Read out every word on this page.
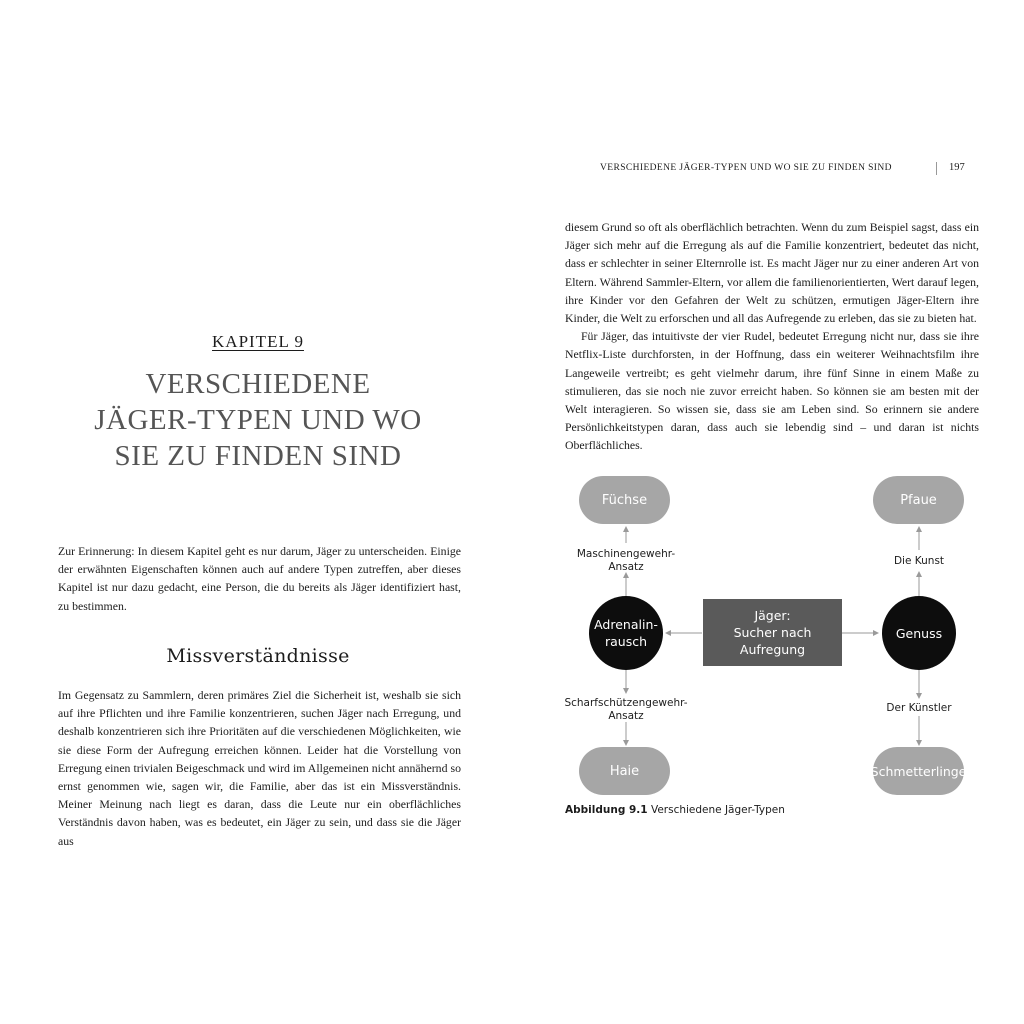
KAPITEL 9
VERSCHIEDENE
JÄGER-TYPEN UND WO
SIE ZU FINDEN SIND

Zur Erinnerung: In diesem Kapitel geht es nur darum, Jäger zu unterscheiden. Einige der erwähnten Eigenschaften können auch auf andere Typen zutreffen, aber dieses Kapitel ist nur dazu gedacht, eine Person, die du bereits als Jäger identifiziert hast, zu bestimmen.

Missverständnisse

Im Gegensatz zu Sammlern, deren primäres Ziel die Sicherheit ist, weshalb sie sich auf ihre Pflichten und ihre Familie konzentrieren, suchen Jäger nach Erregung, und deshalb konzentrieren sich ihre Prioritäten auf die verschiedenen Möglichkeiten, wie sie diese Form der Aufregung erreichen können. Leider hat die Vorstellung von Erregung einen trivialen Beigeschmack und wird im Allgemeinen nicht annähernd so ernst genommen wie, sagen wir, die Familie, aber das ist ein Missverständnis. Meiner Meinung nach liegt es daran, dass die Leute nur ein oberflächliches Verständnis davon haben, was es bedeutet, ein Jäger zu sein, und dass sie die Jäger aus

VERSCHIEDENE JÄGER-TYPEN UND WO SIE ZU FINDEN SIND	197

diesem Grund so oft als oberflächlich betrachten. Wenn du zum Beispiel sagst, dass ein Jäger sich mehr auf die Erregung als auf die Familie konzentriert, bedeutet das nicht, dass er schlechter in seiner Elternrolle ist. Es macht Jäger nur zu einer anderen Art von Eltern. Während Sammler-Eltern, vor allem die familienorientierten, Wert darauf legen, ihre Kinder vor den Gefahren der Welt zu schützen, ermutigen Jäger-Eltern ihre Kinder, die Welt zu erforschen und all das Aufregende zu erleben, das sie zu bieten hat.

Für Jäger, das intuitivste der vier Rudel, bedeutet Erregung nicht nur, dass sie ihre Netflix-Liste durchforsten, in der Hoffnung, dass ein weiterer Weihnachtsfilm ihre Langeweile vertreibt; es geht vielmehr darum, ihre fünf Sinne in einem Maße zu stimulieren, das sie noch nie zuvor erreicht haben. So können sie am besten mit der Welt interagieren. So wissen sie, dass sie am Leben sind. So erinnern sie andere Persönlichkeitstypen daran, dass auch sie lebendig sind – und daran ist nichts Oberflächliches.

Füchse	Pfaue
Haie	Schmetterlinge
Adrenalin-
rausch
Genuss
Jäger:
Sucher nach
Aufregung
Maschinengewehr-
Ansatz
Scharfschützengewehr-
Ansatz
Die Kunst
Der Künstler
Abbildung 9.1 Verschiedene Jäger-Typen
